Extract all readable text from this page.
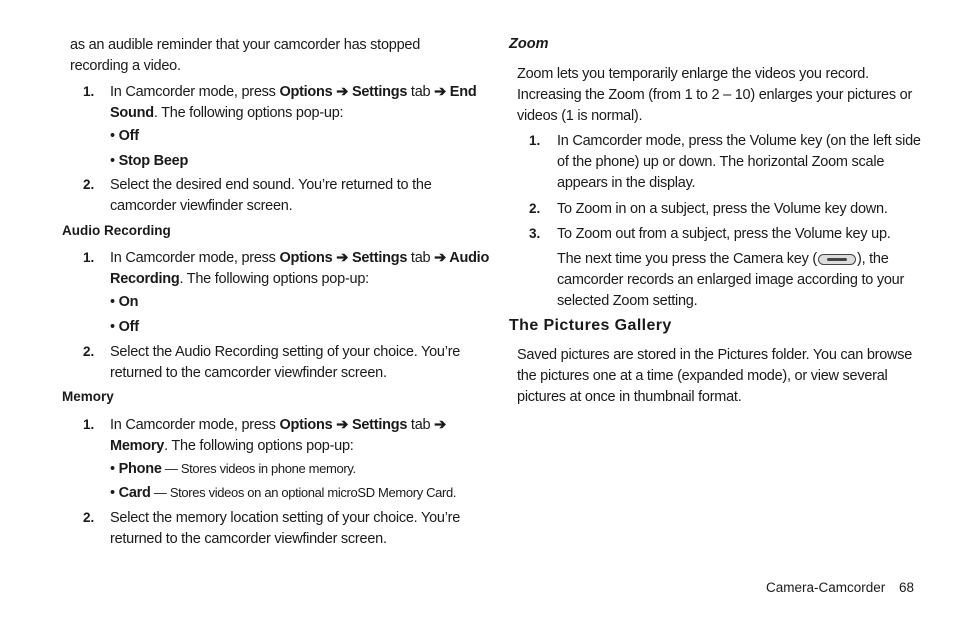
as an audible reminder that your camcorder has stopped
recording a video.
1. In Camcorder mode, press Options ➔ Settings tab ➔ End
Sound. The following options pop-up:
• Off
• Stop Beep
2. Select the desired end sound. You’re returned to the
camcorder viewfinder screen.
Audio Recording
1. In Camcorder mode, press Options ➔ Settings tab ➔ Audio
Recording. The following options pop-up:
• On
• Off
2. Select the Audio Recording setting of your choice. You’re
returned to the camcorder viewfinder screen.
Memory
1. In Camcorder mode, press Options ➔ Settings tab ➔
Memory. The following options pop-up:
• Phone — Stores videos in phone memory.
• Card — Stores videos on an optional microSD Memory Card.
2. Select the memory location setting of your choice. You’re
returned to the camcorder viewfinder screen.
Zoom
Zoom lets you temporarily enlarge the videos you record.
Increasing the Zoom (from 1 to 2 – 10) enlarges your pictures or
videos (1 is normal).
1. In Camcorder mode, press the Volume key (on the left side
of the phone) up or down. The horizontal Zoom scale
appears in the display.
2. To Zoom in on a subject, press the Volume key down.
3. To Zoom out from a subject, press the Volume key up.
The next time you press the Camera key (	), the
camcorder records an enlarged image according to your
selected Zoom setting.
The Pictures Gallery
Saved pictures are stored in the Pictures folder. You can browse
the pictures one at a time (expanded mode), or view several
pictures at once in thumbnail format.
Camera-Camcorder 68
